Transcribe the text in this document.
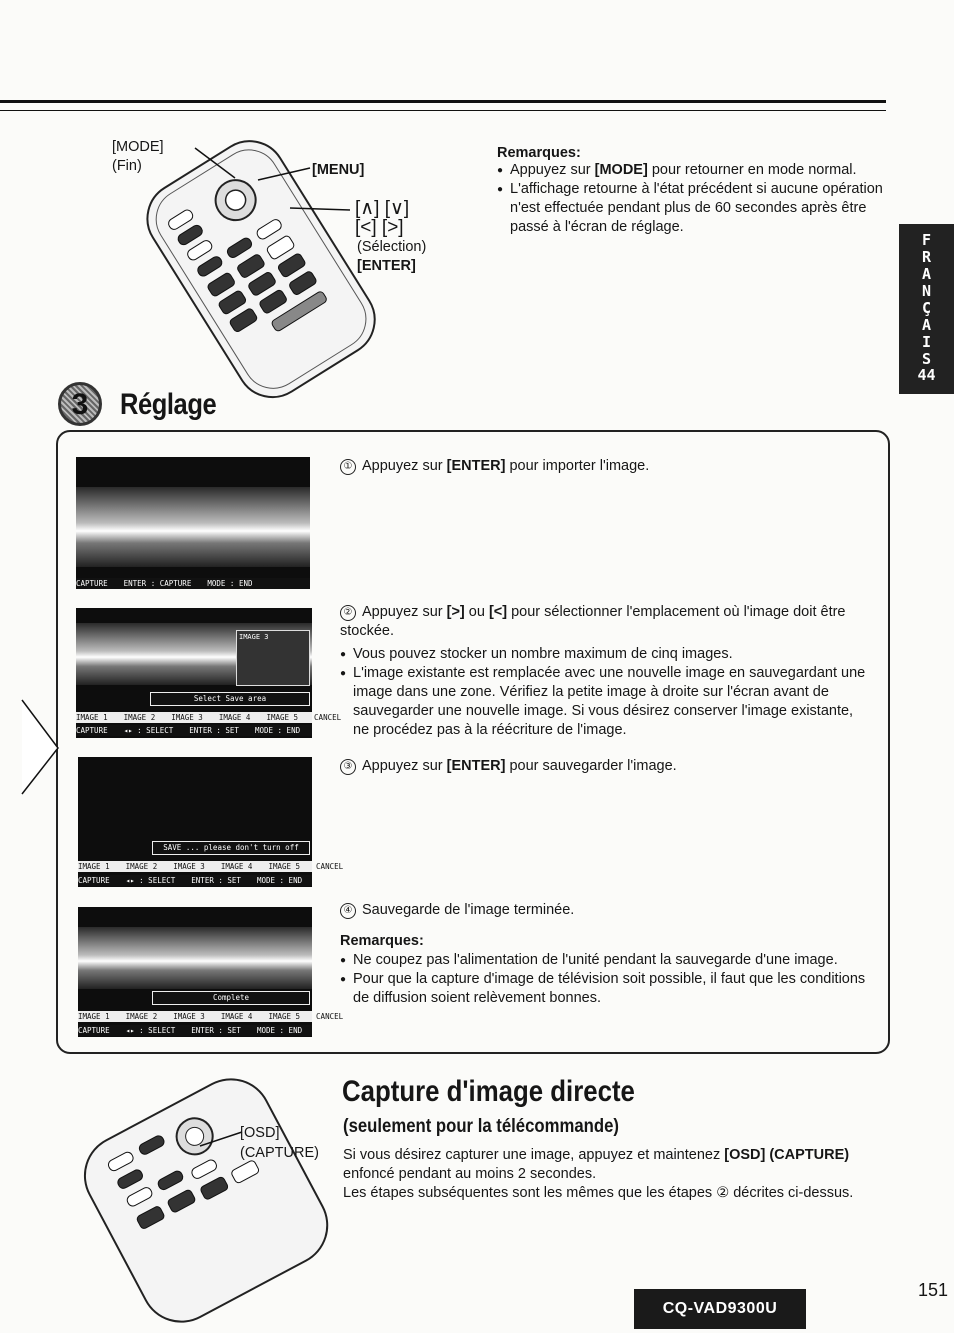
[MODE]
(Fin)	[MENU]
[∧] [∨]
[<] [>]
(Sélection)
[ENTER]
Remarques:
● Appuyez sur [MODE] pour retourner en mode normal.
● L'affichage retourne à l'état précédent si aucune opération n'est effectuée pendant plus de 60 secondes après être passé à l'écran de réglage.
F
R
A
N
Ç
A
I
S
44
3	Réglage
CAPTURE ENTER : CAPTURE MODE : END
IMAGE 3
Select Save area
IMAGE 1 IMAGE 2 IMAGE 3 IMAGE 4 IMAGE 5 CANCEL
CAPTURE ◂▸ : SELECT ENTER : SET MODE : END
SAVE ... please don't turn off
IMAGE 1 IMAGE 2 IMAGE 3 IMAGE 4 IMAGE 5 CANCEL
CAPTURE ◂▸ : SELECT ENTER : SET MODE : END
Complete
IMAGE 1 IMAGE 2 IMAGE 3 IMAGE 4 IMAGE 5 CANCEL
CAPTURE ◂▸ : SELECT ENTER : SET MODE : END
① Appuyez sur [ENTER] pour importer l'image.
② Appuyez sur [>] ou [<] pour sélectionner l'emplacement où l'image doit être stockée.
● Vous pouvez stocker un nombre maximum de cinq images.
● L'image existante est remplacée avec une nouvelle image en sauvegardant une image dans une zone. Vérifiez la petite image à droite sur l'écran avant de sauvegarder une nouvelle image. Si vous désirez conserver l'image existante, ne procédez pas à la réécriture de l'image.
③ Appuyez sur [ENTER] pour sauvegarder l'image.
④ Sauvegarde de l'image terminée.
Remarques:
● Ne coupez pas l'alimentation de l'unité pendant la sauvegarde d'une image.
● Pour que la capture d'image de télévision soit possible, il faut que les conditions de diffusion soient relèvement bonnes.
[OSD]
(CAPTURE)
Capture d'image directe
(seulement pour la télécommande)
Si vous désirez capturer une image, appuyez et maintenez [OSD] (CAPTURE) enfoncé pendant au moins 2 secondes.
Les étapes subséquentes sont les mêmes que les étapes ② décrites ci-dessus.
CQ-VAD9300U
151
